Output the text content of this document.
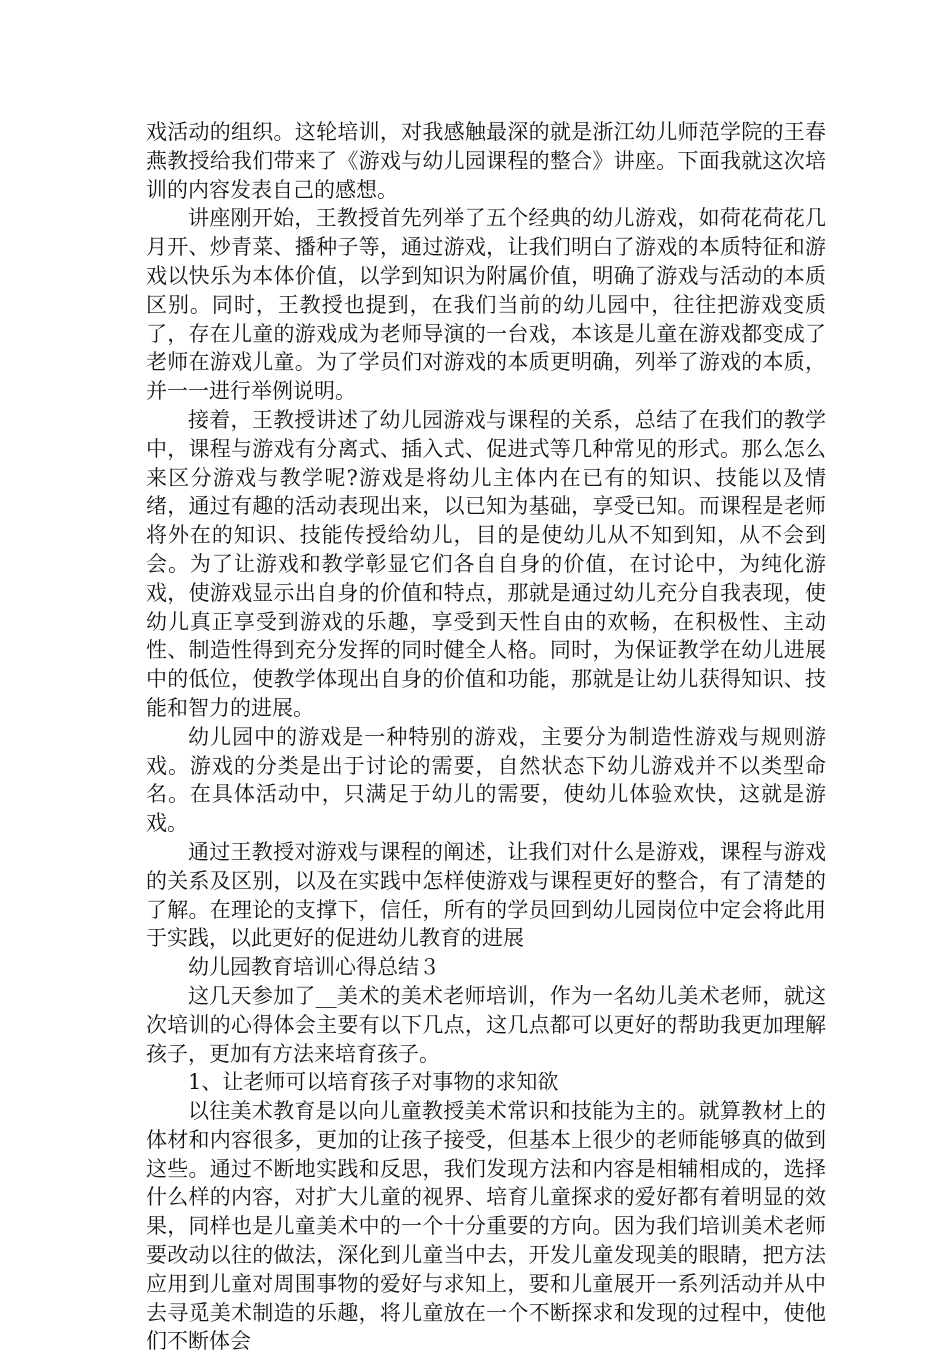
戏活动的组织。这轮培训，对我感触最深的就是浙江幼儿师范学院的王春燕教授给我们带来了《游戏与幼儿园课程的整合》讲座。下面我就这次培训的内容发表自己的感想。

讲座刚开始，王教授首先列举了五个经典的幼儿游戏，如荷花荷花几月开、炒青菜、播种子等，通过游戏，让我们明白了游戏的本质特征和游戏以快乐为本体价值，以学到知识为附属价值，明确了游戏与活动的本质区别。同时，王教授也提到，在我们当前的幼儿园中，往往把游戏变质了，存在儿童的游戏成为老师导演的一台戏，本该是儿童在游戏都变成了老师在游戏儿童。为了学员们对游戏的本质更明确，列举了游戏的本质，并一一进行举例说明。

接着，王教授讲述了幼儿园游戏与课程的关系，总结了在我们的教学中，课程与游戏有分离式、插入式、促进式等几种常见的形式。那么怎么来区分游戏与教学呢?游戏是将幼儿主体内在已有的知识、技能以及情绪，通过有趣的活动表现出来，以已知为基础，享受已知。而课程是老师将外在的知识、技能传授给幼儿，目的是使幼儿从不知到知，从不会到会。为了让游戏和教学彰显它们各自自身的价值，在讨论中，为纯化游戏，使游戏显示出自身的价值和特点，那就是通过幼儿充分自我表现，使幼儿真正享受到游戏的乐趣，享受到天性自由的欢畅，在积极性、主动性、制造性得到充分发挥的同时健全人格。同时，为保证教学在幼儿进展中的低位，使教学体现出自身的价值和功能，那就是让幼儿获得知识、技能和智力的进展。

幼儿园中的游戏是一种特别的游戏，主要分为制造性游戏与规则游戏。游戏的分类是出于讨论的需要，自然状态下幼儿游戏并不以类型命名。在具体活动中，只满足于幼儿的需要，使幼儿体验欢快，这就是游戏。

通过王教授对游戏与课程的阐述，让我们对什么是游戏，课程与游戏的关系及区别，以及在实践中怎样使游戏与课程更好的整合，有了清楚的了解。在理论的支撑下，信任，所有的学员回到幼儿园岗位中定会将此用于实践，以此更好的促进幼儿教育的进展

幼儿园教育培训心得总结３

这几天参加了__美术的美术老师培训，作为一名幼儿美术老师，就这次培训的心得体会主要有以下几点，这几点都可以更好的帮助我更加理解孩子，更加有方法来培育孩子。

1、让老师可以培育孩子对事物的求知欲

以往美术教育是以向儿童教授美术常识和技能为主的。就算教材上的体材和内容很多，更加的让孩子接受，但基本上很少的老师能够真的做到这些。通过不断地实践和反思，我们发现方法和内容是相辅相成的，选择什么样的内容，对扩大儿童的视界、培育儿童探求的爱好都有着明显的效果，同样也是儿童美术中的一个十分重要的方向。因为我们培训美术老师要改动以往的做法，深化到儿童当中去，开发儿童发现美的眼睛，把方法应用到儿童对周围事物的爱好与求知上，要和儿童展开一系列活动并从中去寻觅美术制造的乐趣，将儿童放在一个不断探求和发现的过程中，使他们不断体会
